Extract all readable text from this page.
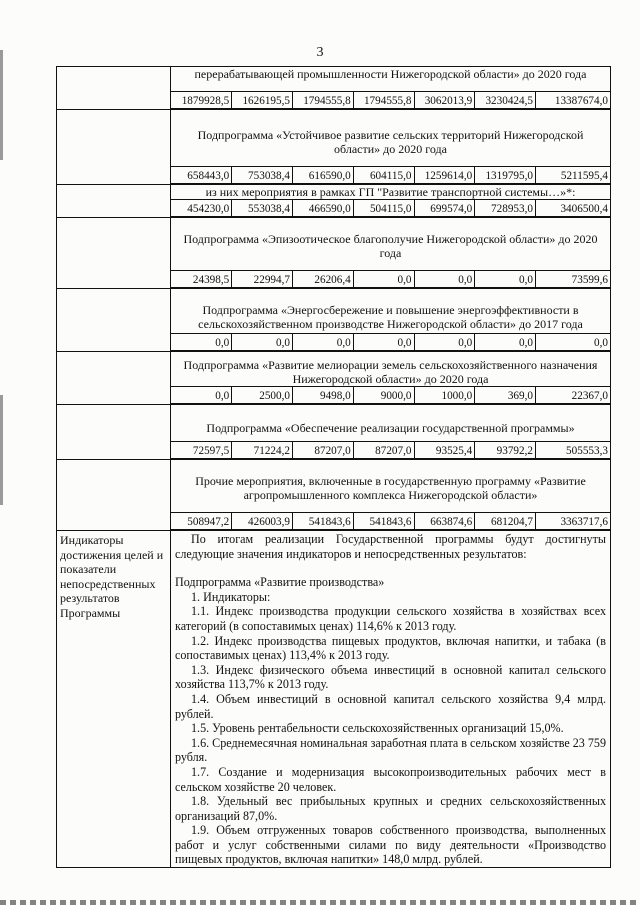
3

перерабатывающей промышленности Нижегородской области» до 2020 года
1879928,5	1626195,5	1794555,8	1794555,8	3062013,9	3230424,5	13387674,0

Подпрограмма «Устойчивое развитие сельских территорий Нижегородской области» до 2020 года
658443,0	753038,4	616590,0	604115,0	1259614,0	1319795,0	5211595,4

из них мероприятия в рамках ГП "Развитие транспортной системы…»*:
454230,0	553038,4	466590,0	504115,0	699574,0	728953,0	3406500,4

Подпрограмма «Эпизоотическое благополучие Нижегородской области» до 2020 года
24398,5	22994,7	26206,4	0,0	0,0	0,0	73599,6

Подпрограмма «Энергосбережение и повышение энергоэффективности в сельскохозяйственном производстве Нижегородской области» до 2017 года
0,0	0,0	0,0	0,0	0,0	0,0	0,0

Подпрограмма «Развитие мелиорации земель сельскохозяйственного назначения Нижегородской области» до 2020 года
0,0	2500,0	9498,0	9000,0	1000,0	369,0	22367,0

Подпрограмма «Обеспечение реализации государственной программы»
72597,5	71224,2	87207,0	87207,0	93525,4	93792,2	505553,3

Прочие мероприятия, включенные в государственную программу «Развитие агропромышленного комплекса Нижегородской области»
508947,2	426003,9	541843,6	541843,6	663874,6	681204,7	3363717,6

Индикаторы достижения целей и показатели непосредственных результатов Программы

По итогам реализации Государственной программы будут достигнуты следующие значения индикаторов и непосредственных результатов:

Подпрограмма «Развитие производства»

1. Индикаторы:

1.1. Индекс производства продукции сельского хозяйства в хозяйствах всех категорий (в сопоставимых ценах) 114,6% к 2013 году.

1.2. Индекс производства пищевых продуктов, включая напитки, и табака (в сопоставимых ценах) 113,4% к 2013 году.

1.3. Индекс физического объема инвестиций в основной капитал сельского хозяйства 113,7% к 2013 году.

1.4. Объем инвестиций в основной капитал сельского хозяйства 9,4 млрд. рублей.

1.5. Уровень рентабельности сельскохозяйственных организаций 15,0%.

1.6. Среднемесячная номинальная заработная плата в сельском хозяйстве 23 759 рубля.

1.7. Создание и модернизация высокопроизводительных рабочих мест в сельском хозяйстве 20 человек.

1.8. Удельный вес прибыльных крупных и средних сельскохозяйственных организаций 87,0%.

1.9. Объем отгруженных товаров собственного производства, выполненных работ и услуг собственными силами по виду деятельности «Производство пищевых продуктов, включая напитки» 148,0 млрд. рублей.
